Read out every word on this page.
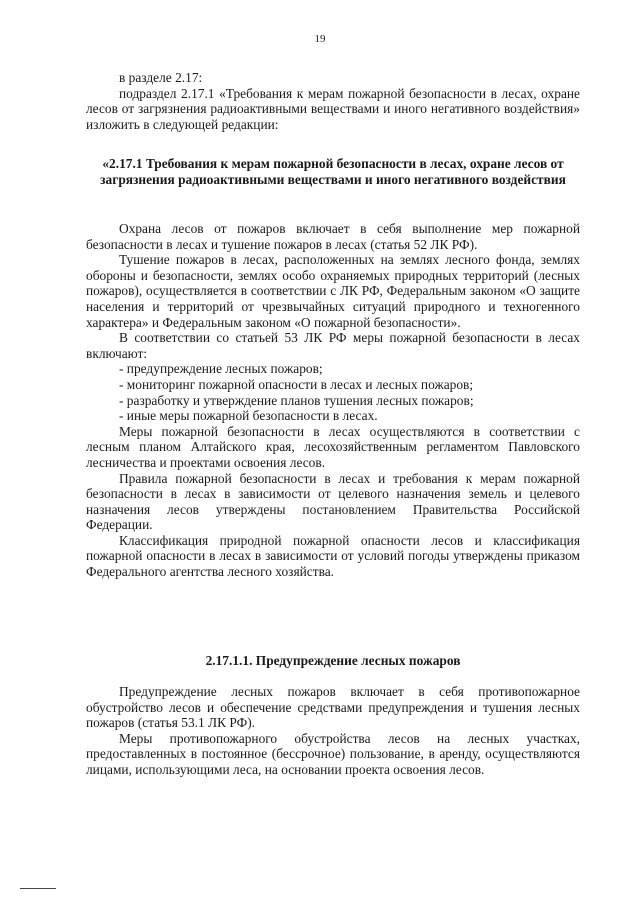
19

в разделе 2.17:

подраздел 2.17.1 «Требования к мерам пожарной безопасности в лесах, охране лесов от загрязнения радиоактивными веществами и иного негативного воздействия» изложить в следующей редакции:

«2.17.1 Требования к мерам пожарной безопасности в лесах, охране лесов от загрязнения радиоактивными веществами и иного негативного воздействия

Охрана лесов от пожаров включает в себя выполнение мер пожарной безопасности в лесах и тушение пожаров в лесах (статья 52 ЛК РФ).

Тушение пожаров в лесах, расположенных на землях лесного фонда, землях обороны и безопасности, землях особо охраняемых природных территорий (лесных пожаров), осуществляется в соответствии с ЛК РФ, Федеральным законом «О защите населения и территорий от чрезвычайных ситуаций природного и техногенного характера» и Федеральным законом «О пожарной безопасности».

В соответствии со статьей 53 ЛК РФ меры пожарной безопасности в лесах включают:

- предупреждение лесных пожаров;

- мониторинг пожарной опасности в лесах и лесных пожаров;

- разработку и утверждение планов тушения лесных пожаров;

- иные меры пожарной безопасности в лесах.

Меры пожарной безопасности в лесах осуществляются в соответствии с лесным планом Алтайского края, лесохозяйственным регламентом Павловского лесничества и проектами освоения лесов.

Правила пожарной безопасности в лесах и требования к мерам пожарной безопасности в лесах в зависимости от целевого назначения земель и целевого назначения лесов утверждены постановлением Правительства Российской Федерации.

Классификация природной пожарной опасности лесов и классификация пожарной опасности в лесах в зависимости от условий погоды утверждены приказом Федерального агентства лесного хозяйства.

2.17.1.1. Предупреждение лесных пожаров

Предупреждение лесных пожаров включает в себя противопожарное обустройство лесов и обеспечение средствами предупреждения и тушения лесных пожаров (статья 53.1 ЛК РФ).

Меры противопожарного обустройства лесов на лесных участках, предоставленных в постоянное (бессрочное) пользование, в аренду, осуществляются лицами, использующими леса, на основании проекта освоения лесов.
